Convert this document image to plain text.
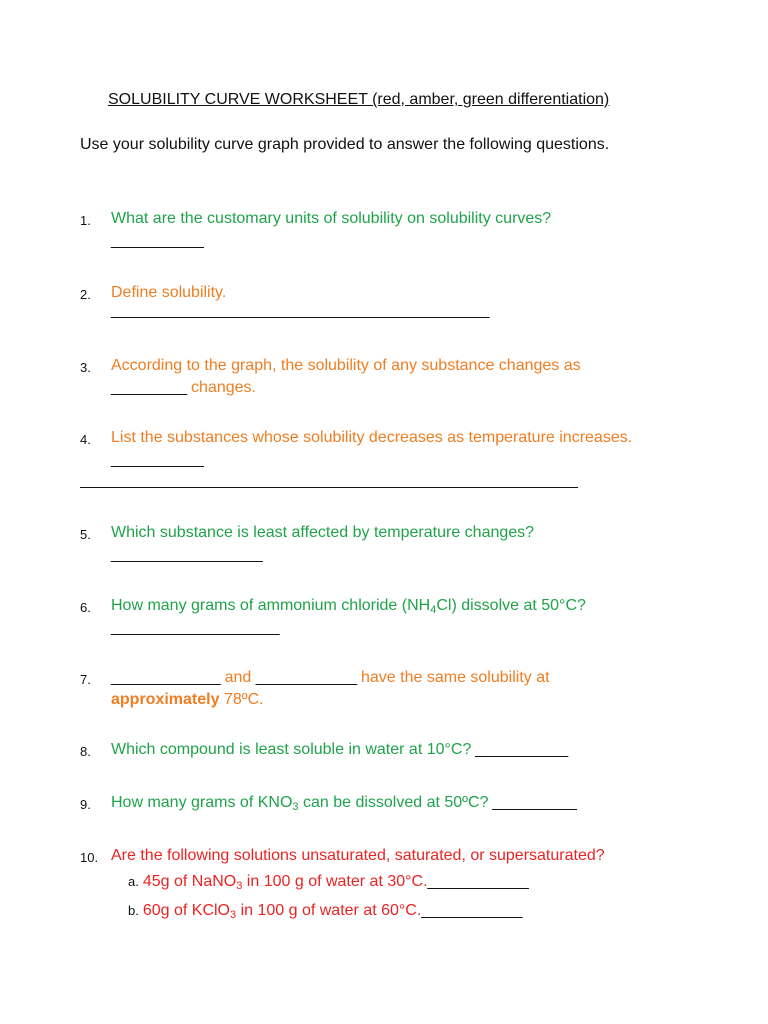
SOLUBILITY CURVE WORKSHEET (red, amber, green differentiation)
Use your solubility curve graph provided to answer the following questions.
1. What are the customary units of solubility on solubility curves?
___________
2. Define solubility.
_____________________________________________
3. According to the graph, the solubility of any substance changes as
_________ changes.
4. List the substances whose solubility decreases as temperature increases.
___________
5. Which substance is least affected by temperature changes?
__________________
6. How many grams of ammonium chloride $(NH_4Cl)$ dissolve at 50°C?
____________________
7. _____________ and ____________ have the same solubility at
approximately 78ºC.
8. Which compound is least soluble in water at 10°C? ___________
9. How many grams of $KNO_3$ can be dissolved at 50ºC? __________
10. Are the following solutions unsaturated, saturated, or supersaturated?
a. 45g of NaNO$_3$ in 100 g of water at 30°C.____________
b. 60g of KClO$_3$ in 100 g of water at 60°C.____________
